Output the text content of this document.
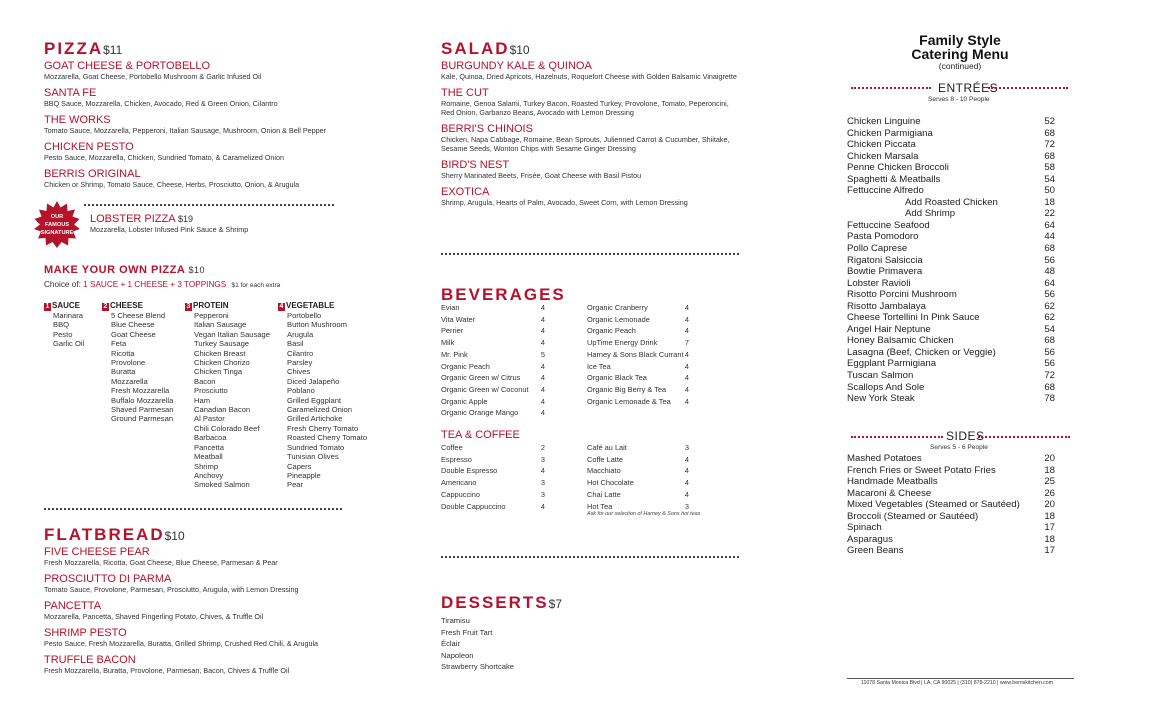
PIZZA$11
GOAT CHEESE & PORTOBELLO
Mozzarella, Goat Cheese, Portobello Mushroom & Garlic Infused Oil
SANTA FE
BBQ Sauce, Mozzarella, Chicken, Avocado, Red & Green Onion, Cilantro
THE WORKS
Tomato Sauce, Mozzarella, Pepperoni, Italian Sausage, Mushroom, Onion & Bell Pepper
CHICKEN PESTO
Pesto Sauce, Mozzarella, Chicken, Sundried Tomato, & Caramelized Onion
BERRIS ORIGINAL
Chicken or Shrimp, Tomato Sauce, Cheese, Herbs, Prosciutto, Onion, & Arugula
OUR
FAMOUS
SIGNATURE
LOBSTER PIZZA $19
Mozzarella, Lobster Infused Pink Sauce & Shrimp
MAKE YOUR OWN PIZZA $10
Choice of: 1 SAUCE + 1 CHEESE + 3 TOPPINGS $1 for each extra
1 SAUCE
Marinara
BBQ
Pesto
Garlic Oil
2 CHEESE
5 Cheese Blend
Blue Cheese
Goat Cheese
Feta
Ricotta
Provolone
Buratta
Mozzarella
Fresh Mozzarella
Buffalo Mozzarella
Shaved Parmesan
Ground Parmesan
3 PROTEIN
Pepperoni
Italian Sausage
Vegan Italian Sausage
Turkey Sausage
Chicken Breast
Chicken Chorizo
Chicken Tinga
Bacon
Prosciutto
Ham
Canadian Bacon
Al Pastor
Chili Colorado Beef
Barbacoa
Pancetta
Meatball
Shrimp
Anchovy
Smoked Salmon
4 VEGETABLE
Portobello
Button Mushroom
Arugula
Basil
Cilantro
Parsley
Chives
Diced Jalapeño
Poblano
Grilled Eggplant
Caramelized Onion
Grilled Artichoke
Fresh Cherry Tomato
Roasted Cherry Tomato
Sundried Tomato
Tunisian Olives
Capers
Pineapple
Pear
FLATBREAD$10
FIVE CHEESE PEAR
Fresh Mozzarella, Ricotta, Goat Cheese, Blue Cheese, Parmesan & Pear
PROSCIUTTO DI PARMA
Tomato Sauce, Provolone, Parmesan, Prosciutto, Arugula, with Lemon Dressing
PANCETTA
Mozzarella, Pancetta, Shaved Fingerling Potato, Chives, & Truffle Oil
SHRIMP PESTO
Pesto Sauce, Fresh Mozzarella, Buratta, Grilled Shrimp, Crushed Red Chili, & Arugula
TRUFFLE BACON
Fresh Mozzarella, Buratta, Provolone, Parmesan, Bacon, Chives & Truffle Oil
SALAD$10
BURGUNDY KALE & QUINOA
Kale, Quinoa, Dried Apricots, Hazelnuts, Roquefort Cheese with Golden Balsamic Vinaigrette
THE CUT
Romaine, Genoa Salami, Turkey Bacon, Roasted Turkey, Provolone, Tomato, Peperoncini, Red Onion, Garbanzo Beans, Avocado with Lemon Dressing
BERRI'S CHINOIS
Chicken, Napa Cabbage, Romaine, Bean Sprouts, Julienned Carrot & Cucumber, Shiitake, Sesame Seeds, Wonton Chips with Sesame Ginger Dressing
BIRD'S NEST
Sherry Marinated Beets, Frisée, Goat Cheese with Basil Pistou
EXOTICA
Shrimp, Arugula, Hearts of Palm, Avocado, Sweet Corn, with Lemon Dressing
BEVERAGES
Evian	4
Vita Water	4
Perrier	4
Milk	4
Mr. Pink	5
Organic Peach	4
Organic Green w/ Citrus	4
Organic Green w/ Coconut 4
Organic Apple	4
Organic Orange Mango	4
Organic Cranberry	4
Organic Lemonade	4
Organic Peach	4
UpTime Energy Drink	7
Harney & Sons Black Currant 4
Ice Tea	4
Organic Black Tea	4
Organic Big Berry & Tea	4
Organic Lemonade & Tea 4
TEA & COFFEE
Coffee	2
Espresso	3
Double Espresso	4
Americano	3
Cappuccino	3
Double Cappuccino	4
Café au Lait	3
Coffe Latte	4
Macchiato	4
Hot Chocolate	4
Chai Latte	4
Hot Tea	3
Ask for our selection of Harney & Sons hot teas
DESSERTS$7
Tiramisu
Fresh Fruit Tart
Éclair
Napoleon
Strawberry Shortcake
Family Style
Catering Menu
(continued)
ENTRÉES
Serves 8 - 10 People
Chicken Linguine	52
Chicken Parmigiana	68
Chicken Piccata	72
Chicken Marsala	68
Penne Chicken Broccoli	58
Spaghetti & Meatballs	54
Fettuccine Alfredo	50
Add Roasted Chicken	18
Add Shrimp	22
Fettuccine Seafood	64
Pasta Pomodoro	44
Pollo Caprese	68
Rigatoni Salsiccia	56
Bowtie Primavera	48
Lobster Ravioli	64
Risotto Porcini Mushroom	56
Risotto Jambalaya	62
Cheese Tortellini In Pink Sauce	62
Angel Hair Neptune	54
Honey Balsamic Chicken	68
Lasagna (Beef, Chicken or Veggie)	56
Eggplant Parmigiana	56
Tuscan Salmon	72
Scallops And Sole	68
New York Steak	78
SIDES
Serves 5 - 6 People
Mashed Potatoes	20
French Fries or Sweet Potato Fries	18
Handmade Meatballs	25
Macaroni & Cheese	26
Mixed Vegetables (Steamed or Sautéed)	20
Broccoli (Steamed or Sautéed)	18
Spinach	17
Asparagus	18
Green Beans	17
11078 Santa Monica Blvd | LA, CA 90025 | (310) 878-2210 | www.berriskitchen.com
